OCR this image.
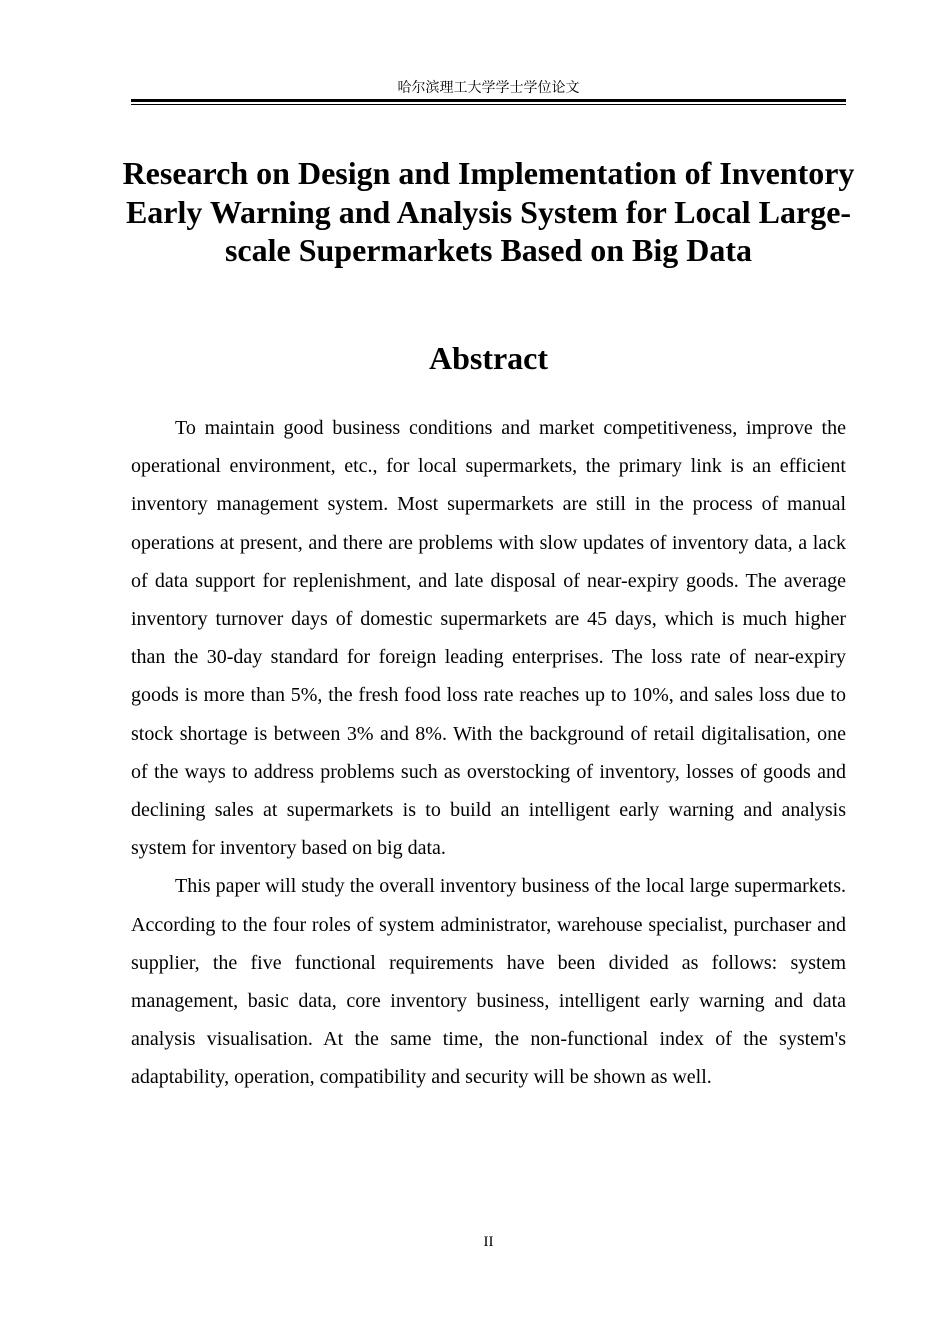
哈尔滨理工大学学士学位论文
Research on Design and Implementation of Inventory Early Warning and Analysis System for Local Large-scale Supermarkets Based on Big Data
Abstract

To maintain good business conditions and market competitiveness, improve the operational environment, etc., for local supermarkets, the primary link is an efficient inventory management system. Most supermarkets are still in the process of manual operations at present, and there are problems with slow updates of inventory data, a lack of data support for replenishment, and late disposal of near-expiry goods. The average inventory turnover days of domestic supermarkets are 45 days, which is much higher than the 30-day standard for foreign leading enterprises. The loss rate of near-expiry goods is more than 5%, the fresh food loss rate reaches up to 10%, and sales loss due to stock shortage is between 3% and 8%. With the background of retail digitalisation, one of the ways to address problems such as overstocking of inventory, losses of goods and declining sales at supermarkets is to build an intelligent early warning and analysis system for inventory based on big data.

This paper will study the overall inventory business of the local large supermarkets. According to the four roles of system administrator, warehouse specialist, purchaser and supplier, the five functional requirements have been divided as follows: system management, basic data, core inventory business, intelligent early warning and data analysis visualisation. At the same time, the non-functional index of the system's adaptability, operation, compatibility and security will be shown as well.

II
